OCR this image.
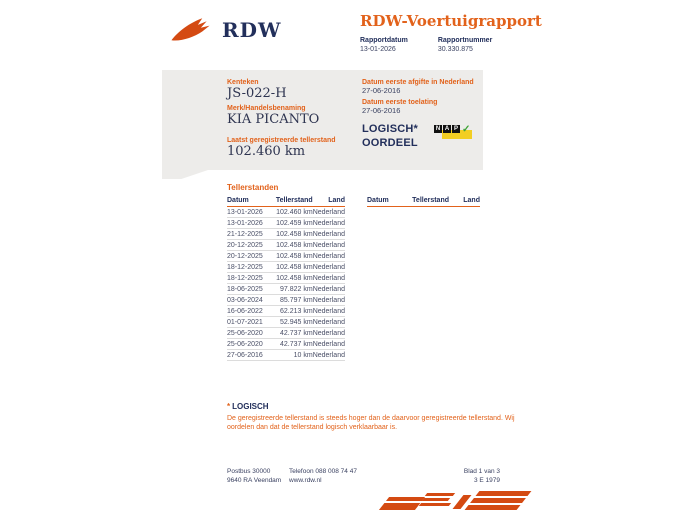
RDW	RDW-Voertuigrapport
Rapportdatum
13-01-2026
Rapportnummer
30.330.875
Kenteken
JS-022-H
Merk/Handelsbenaming
KIA PICANTO
Laatst geregistreerde tellerstand
102.460 km
Datum eerste afgifte in Nederland
27-06-2016
Datum eerste toelating
27-06-2016
LOGISCH*
OORDEEL
N A P ✓
Tellerstanden
Datum	Tellerstand	Land
13-01-2026	102.460 km	Nederland
13-01-2026	102.459 km	Nederland
21-12-2025	102.458 km	Nederland
20-12-2025	102.458 km	Nederland
20-12-2025	102.458 km	Nederland
18-12-2025	102.458 km	Nederland
18-12-2025	102.458 km	Nederland
18-06-2025	97.822 km	Nederland
03-06-2024	85.797 km	Nederland
16-06-2022	62.213 km	Nederland
01-07-2021	52.945 km	Nederland
25-06-2020	42.737 km	Nederland
25-06-2020	42.737 km	Nederland
27-06-2016	10 km	Nederland
Datum	Tellerstand	Land
* LOGISCH
De geregistreerde tellerstand is steeds hoger dan de daarvoor geregistreerde tellerstand. Wij oordelen dan dat de tellerstand logisch verklaarbaar is.
Postbus 30000
9640 RA Veendam
Telefoon 088 008 74 47
www.rdw.nl
Blad 1 van 3
3 E 1979
